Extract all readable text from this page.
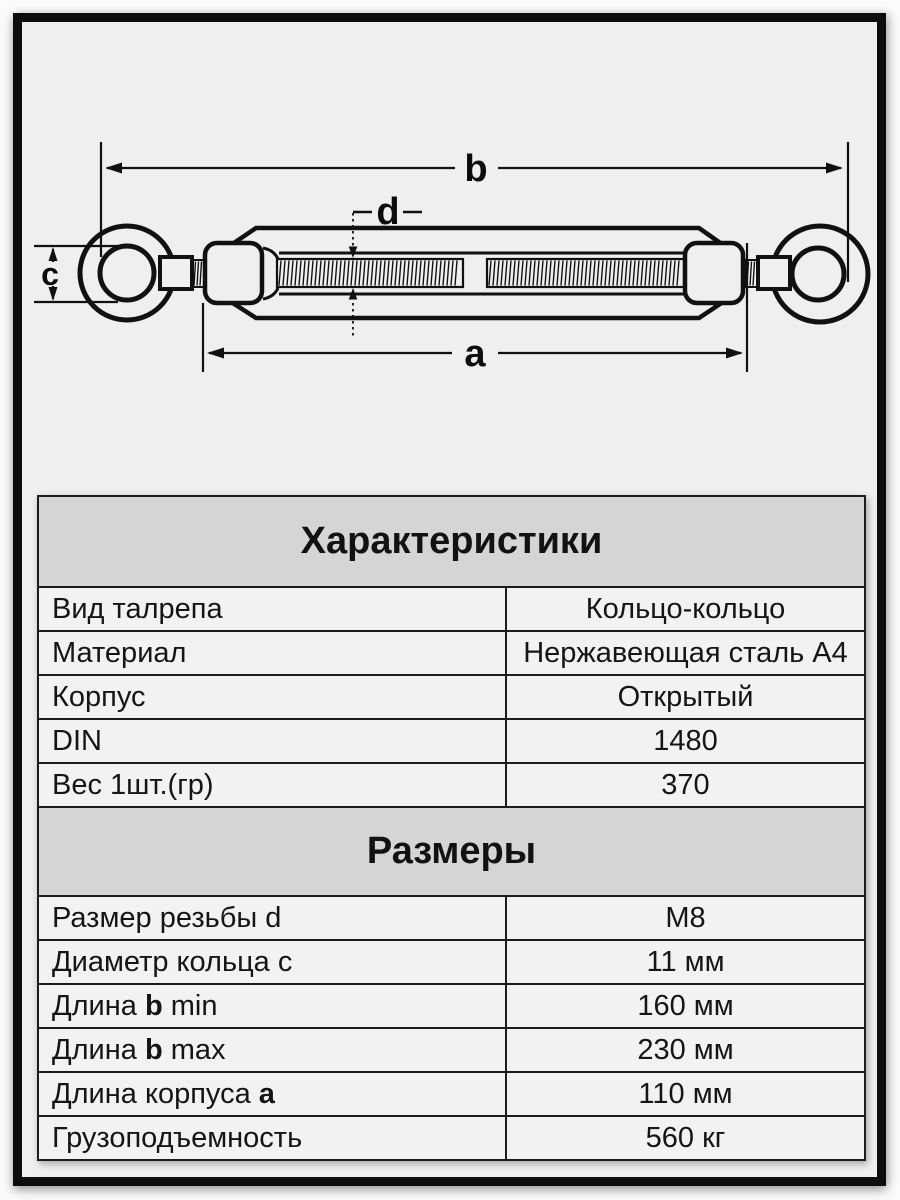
b
a
c
d
Характеристики
Вид талрепа	Кольцо-кольцо
Материал	Нержавеющая сталь А4
Корпус	Открытый
DIN	1480
Вес 1шт.(гр)	370
Размеры
Размер резьбы d	М8
Диаметр кольца c	11 мм
Длина b min	160 мм
Длина b max	230 мм
Длина корпуса a	110 мм
Грузоподъемность	560 кг
